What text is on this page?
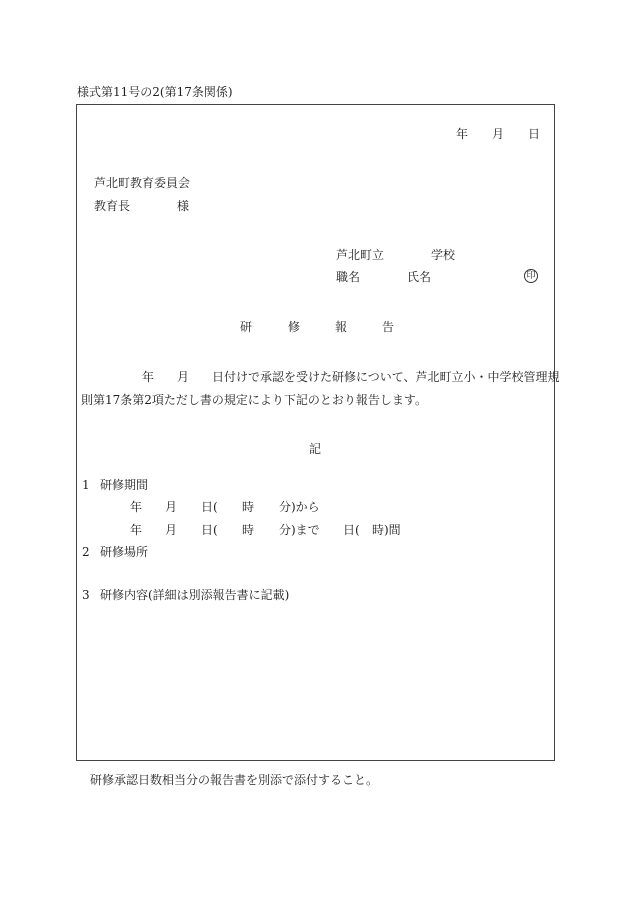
様式第11号の2(第17条関係)
年 月 日
芦北町教育委員会
教育長	様
芦北町立	学校
職名	氏名	印
研	修	報	告
年 月 日付けで承認を受けた研修について、芦北町立小・中学校管理規
則第17条第2項ただし書の規定により下記のとおり報告します。
記
1 研修期間
年 月 日( 時 分)から
年 月 日( 時 分)まで 日( 時)間
2 研修場所
3 研修内容(詳細は別添報告書に記載)
研修承認日数相当分の報告書を別添で添付すること。
